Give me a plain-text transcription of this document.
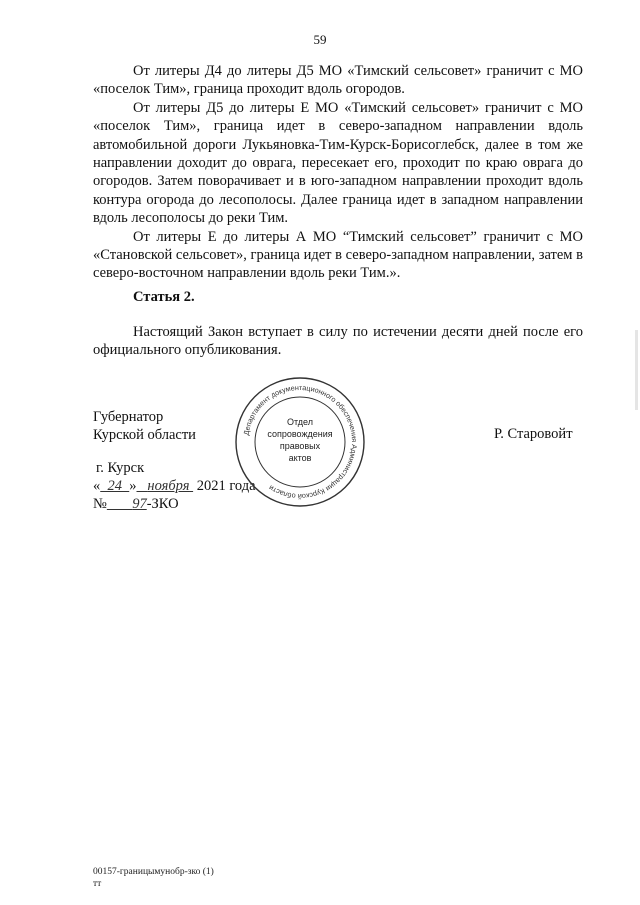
59

От литеры Д4 до литеры Д5 МО «Тимский сельсовет» граничит с МО «поселок Тим», граница проходит вдоль огородов.

От литеры Д5 до литеры Е МО «Тимский сельсовет» граничит с МО «поселок Тим», граница идет в северо-западном направлении вдоль автомобильной дороги Лукьяновка-Тим-Курск-Борисоглебск, далее в том же направлении доходит до оврага, пересекает его, проходит по краю оврага до огородов. Затем поворачивает и в юго-западном направлении проходит вдоль контура огорода до лесополосы. Далее граница идет в западном направлении вдоль лесополосы до реки Тим.

От литеры Е до литеры А МО “Тимский сельсовет” граничит с МО «Становской сельсовет», граница идет в северо-западном направлении, затем в северо-восточном направлении вдоль реки Тим.».

Статья 2.

Настоящий Закон вступает в силу по истечении десяти дней после его официального опубликования.

Губернатор
Курской области	Р. Старовойт
г. Курск
« 24 » ноября 2021 года
№ 97-ЗКО
Департамент документационного обеспечения Администрации Курской области
Отдел
сопровождения
правовых
актов
00157-границымунобр-зко (1)
тт
